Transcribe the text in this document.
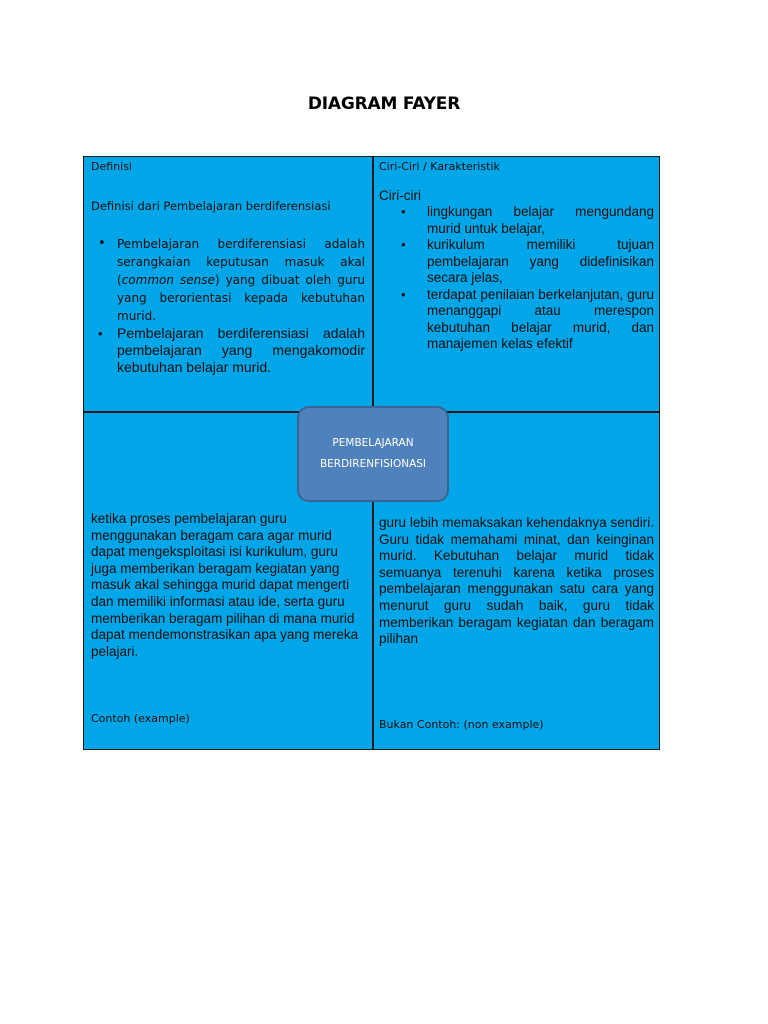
DIAGRAM FAYER

Definisi

Definisi dari Pembelajaran berdiferensiasi

• Pembelajaran berdiferensiasi adalah serangkaian keputusan masuk akal (common sense) yang dibuat oleh guru yang berorientasi kepada kebutuhan murid.
• Pembelajaran berdiferensiasi adalah pembelajaran yang mengakomodir kebutuhan belajar murid.

Ciri-Ciri / Karakteristik

Ciri-ciri

• lingkungan belajar mengundang murid untuk belajar,
• kurikulum memiliki tujuan pembelajaran yang didefinisikan secara jelas,
• terdapat penilaian berkelanjutan, guru menanggapi atau merespon kebutuhan belajar murid, dan manajemen kelas efektif

ketika proses pembelajaran guru menggunakan beragam cara agar murid dapat mengeksploitasi isi kurikulum, guru juga memberikan beragam kegiatan yang masuk akal sehingga murid dapat mengerti dan memiliki informasi atau ide, serta guru memberikan beragam pilihan di mana murid dapat mendemonstrasikan apa yang mereka pelajari.

Contoh (example)

guru lebih memaksakan kehendaknya sendiri. Guru tidak memahami minat, dan keinginan murid. Kebutuhan belajar murid tidak semuanya terenuhi karena ketika proses pembelajaran menggunakan satu cara yang menurut guru sudah baik, guru tidak memberikan beragam kegiatan dan beragam pilihan

Bukan Contoh: (non example)
PEMBELAJARAN
BERDIRENFISIONASI
